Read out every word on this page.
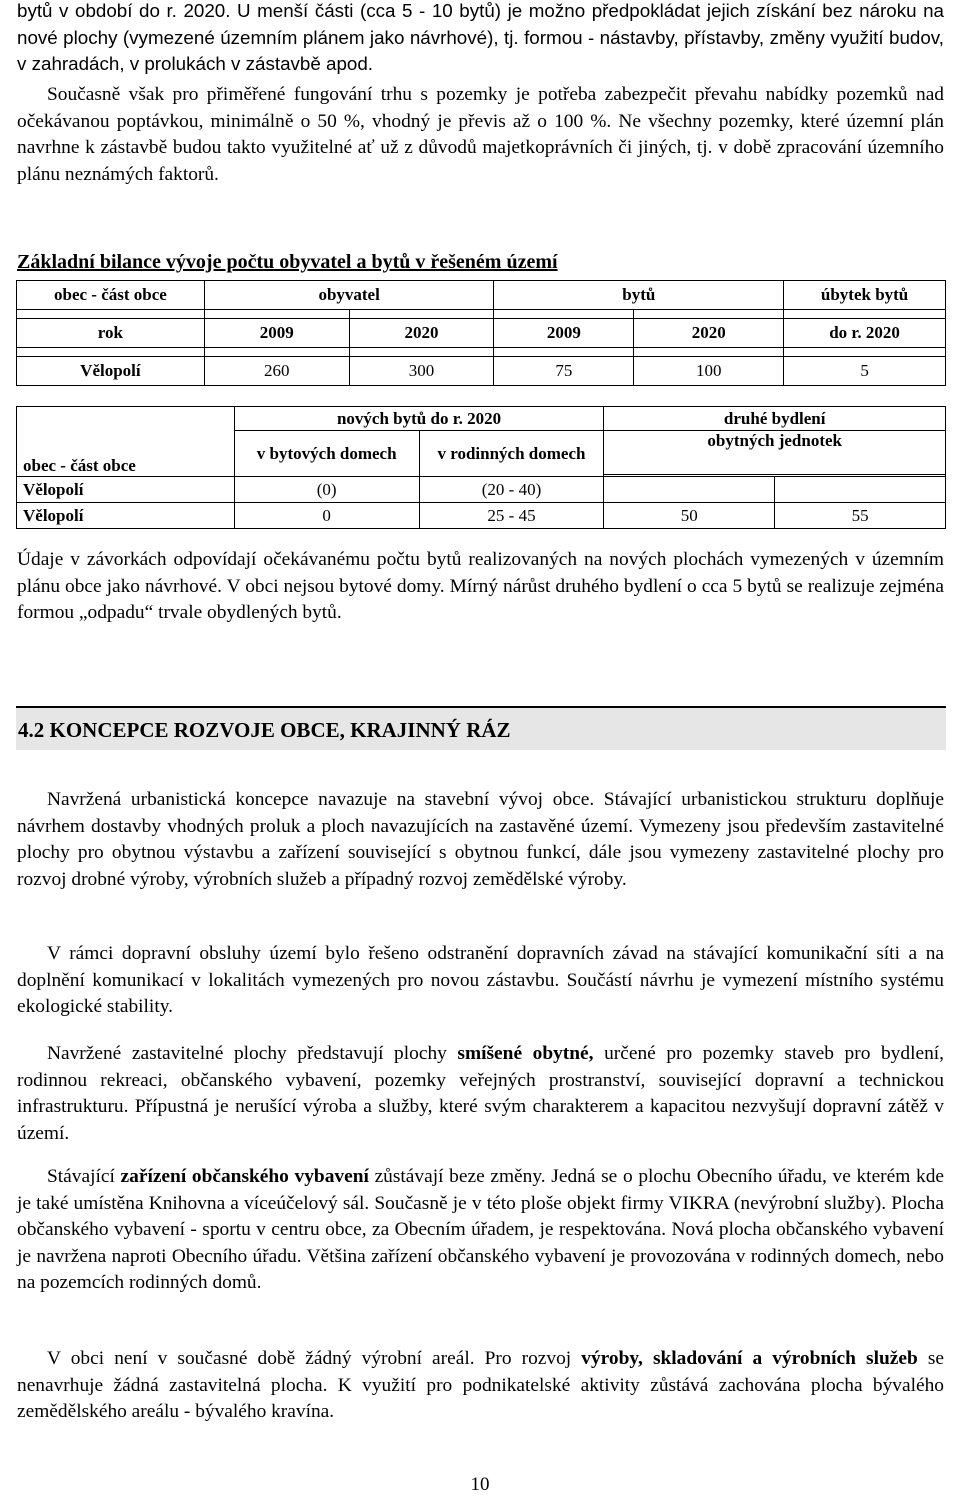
bytů v období do r. 2020. U menší části (cca 5 - 10 bytů) je možno předpokládat jejich získání bez nároku na nové plochy (vymezené územním plánem jako návrhové), tj. formou - nástavby, přístavby, změny využití budov, v zahradách, v prolukách v zástavbě apod.

Současně však pro přiměřené fungování trhu s pozemky je potřeba zabezpečit převahu nabídky pozemků nad očekávanou poptávkou, minimálně o 50 %, vhodný je převis až o 100 %. Ne všechny pozemky, které územní plán navrhne k zástavbě budou takto využitelné ať už z důvodů majetkoprávních či jiných, tj. v době zpracování územního plánu neznámých faktorů.

Základní bilance vývoje počtu obyvatel a bytů v řešeném území
obec - část obce	obyvatel		bytů		úbytek bytů

rok	2009	2020	2009	2020	do r. 2020

Vělopolí	260	300	75	100	5
obec - část obce	nových bytů do r. 2020		druhé bydlení	
	v bytových domech	v rodinných domech	obytných jednotek	

Vělopolí	(0)	(20 - 40)		
Vělopolí	0	25 - 45	50	55

Údaje v závorkách odpovídají očekávanému počtu bytů realizovaných na nových plochách vymezených v územním plánu obce jako návrhové. V obci nejsou bytové domy. Mírný nárůst druhého bydlení o cca 5 bytů se realizuje zejména formou „odpadu“ trvale obydlených bytů.

4.2 KONCEPCE ROZVOJE OBCE, KRAJINNÝ RÁZ

Navržená urbanistická koncepce navazuje na stavební vývoj obce. Stávající urbanistickou strukturu doplňuje návrhem dostavby vhodných proluk a ploch navazujících na zastavěné území. Vymezeny jsou především zastavitelné plochy pro obytnou výstavbu a zařízení související s obytnou funkcí, dále jsou vymezeny zastavitelné plochy pro rozvoj drobné výroby, výrobních služeb a případný rozvoj zemědělské výroby.

V rámci dopravní obsluhy území bylo řešeno odstranění dopravních závad na stávající komunikační síti a na doplnění komunikací v lokalitách vymezených pro novou zástavbu. Součástí návrhu je vymezení místního systému ekologické stability.

Navržené zastavitelné plochy představují plochy smíšené obytné, určené pro pozemky staveb pro bydlení, rodinnou rekreaci, občanského vybavení, pozemky veřejných prostranství, související dopravní a technickou infrastrukturu. Přípustná je nerušící výroba a služby, které svým charakterem a kapacitou nezvyšují dopravní zátěž v území.

Stávající zařízení občanského vybavení zůstávají beze změny. Jedná se o plochu Obecního úřadu, ve kterém kde je také umístěna Knihovna a víceúčelový sál. Současně je v této ploše objekt firmy VIKRA (nevýrobní služby). Plocha občanského vybavení - sportu v centru obce, za Obecním úřadem, je respektována. Nová plocha občanského vybavení je navržena naproti Obecního úřadu. Většina zařízení občanského vybavení je provozována v rodinných domech, nebo na pozemcích rodinných domů.

V obci není v současné době žádný výrobní areál. Pro rozvoj výroby, skladování a výrobních služeb se nenavrhuje žádná zastavitelná plocha. K využití pro podnikatelské aktivity zůstává zachována plocha bývalého zemědělského areálu - bývalého kravína.

10
